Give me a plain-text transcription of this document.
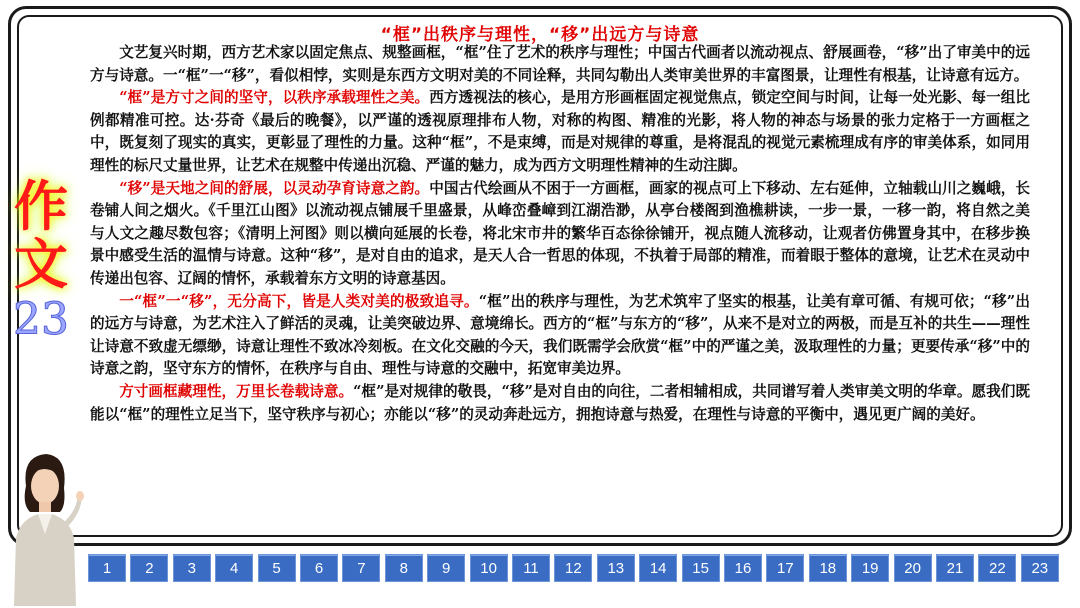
“框”出秩序与理性，“移”出远方与诗意

文艺复兴时期，西方艺术家以固定焦点、规整画框，“框”住了艺术的秩序与理性；中国古代画者以流动视点、舒展画卷，“移”出了审美中的远方与诗意。一“框”一“移”，看似相悖，实则是东西方文明对美的不同诠释，共同勾勒出人类审美世界的丰富图景，让理性有根基，让诗意有远方。

“框”是方寸之间的坚守，以秩序承载理性之美。西方透视法的核心，是用方形画框固定视觉焦点，锁定空间与时间，让每一处光影、每一组比例都精准可控。达·芬奇《最后的晚餐》，以严谨的透视原理排布人物，对称的构图、精准的光影，将人物的神态与场景的张力定格于一方画框之中，既复刻了现实的真实，更彰显了理性的力量。这种“框”，不是束缚，而是对规律的尊重，是将混乱的视觉元素梳理成有序的审美体系，如同用理性的标尺丈量世界，让艺术在规整中传递出沉稳、严谨的魅力，成为西方文明理性精神的生动注脚。

“移”是天地之间的舒展，以灵动孕育诗意之韵。中国古代绘画从不困于一方画框，画家的视点可上下移动、左右延伸，立轴载山川之巍峨，长卷铺人间之烟火。《千里江山图》以流动视点铺展千里盛景，从峰峦叠嶂到江湖浩渺，从亭台楼阁到渔樵耕读，一步一景，一移一韵，将自然之美与人文之趣尽数包容；《清明上河图》则以横向延展的长卷，将北宋市井的繁华百态徐徐铺开，视点随人流移动，让观者仿佛置身其中，在移步换景中感受生活的温情与诗意。这种“移”，是对自由的追求，是天人合一哲思的体现，不执着于局部的精准，而着眼于整体的意境，让艺术在灵动中传递出包容、辽阔的情怀，承载着东方文明的诗意基因。

一“框”一“移”，无分高下，皆是人类对美的极致追寻。“框”出的秩序与理性，为艺术筑牢了坚实的根基，让美有章可循、有规可依；“移”出的远方与诗意，为艺术注入了鲜活的灵魂，让美突破边界、意境绵长。西方的“框”与东方的“移”，从来不是对立的两极，而是互补的共生——理性让诗意不致虚无缥缈，诗意让理性不致冰冷刻板。在文化交融的今天，我们既需学会欣赏“框”中的严谨之美，汲取理性的力量；更要传承“移”中的诗意之韵，坚守东方的情怀，在秩序与自由、理性与诗意的交融中，拓宽审美边界。

方寸画框藏理性，万里长卷载诗意。“框”是对规律的敬畏，“移”是对自由的向往，二者相辅相成，共同谱写着人类审美文明的华章。愿我们既能以“框”的理性立足当下，坚守秩序与初心；亦能以“移”的灵动奔赴远方，拥抱诗意与热爱，在理性与诗意的平衡中，遇见更广阔的美好。

作
文
23
1	2	3	4	5	6	7	8	9	10	11	12	13	14	15	16	17	18	19	20	21	22	23
